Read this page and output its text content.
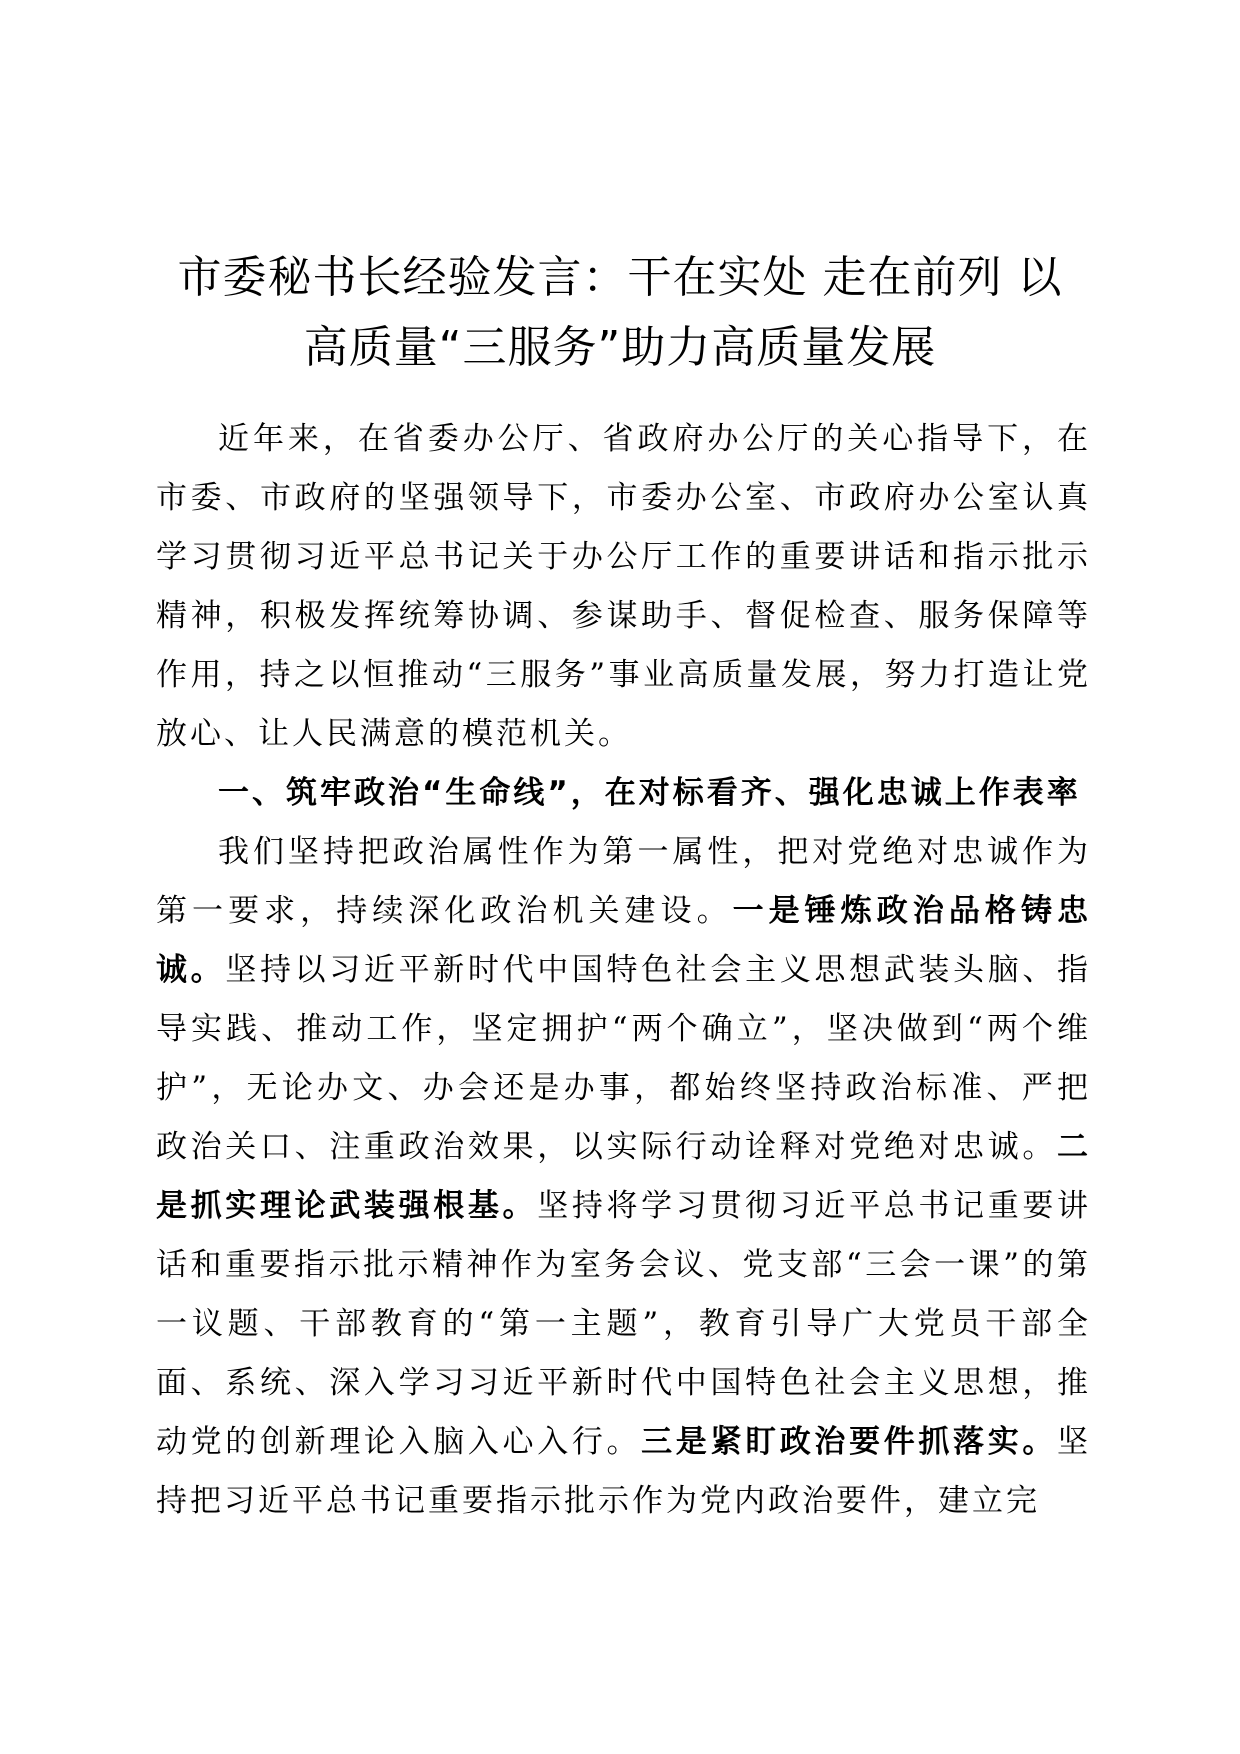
市委秘书长经验发言：干在实处 走在前列 以
高质量“三服务”助力高质量发展

近年来，在省委办公厅、省政府办公厅的关心指导下，在市委、市政府的坚强领导下，市委办公室、市政府办公室认真学习贯彻习近平总书记关于办公厅工作的重要讲话和指示批示精神，积极发挥统筹协调、参谋助手、督促检查、服务保障等作用，持之以恒推动“三服务”事业高质量发展，努力打造让党放心、让人民满意的模范机关。

一、筑牢政治“生命线”，在对标看齐、强化忠诚上作表率

我们坚持把政治属性作为第一属性，把对党绝对忠诚作为第一要求，持续深化政治机关建设。一是锤炼政治品格铸忠诚。坚持以习近平新时代中国特色社会主义思想武装头脑、指导实践、推动工作，坚定拥护“两个确立”，坚决做到“两个维护”，无论办文、办会还是办事，都始终坚持政治标准、严把政治关口、注重政治效果，以实际行动诠释对党绝对忠诚。二是抓实理论武装强根基。坚持将学习贯彻习近平总书记重要讲话和重要指示批示精神作为室务会议、党支部“三会一课”的第一议题、干部教育的“第一主题”，教育引导广大党员干部全面、系统、深入学习习近平新时代中国特色社会主义思想，推动党的创新理论入脑入心入行。三是紧盯政治要件抓落实。坚持把习近平总书记重要指示批示作为党内政治要件，建立完
